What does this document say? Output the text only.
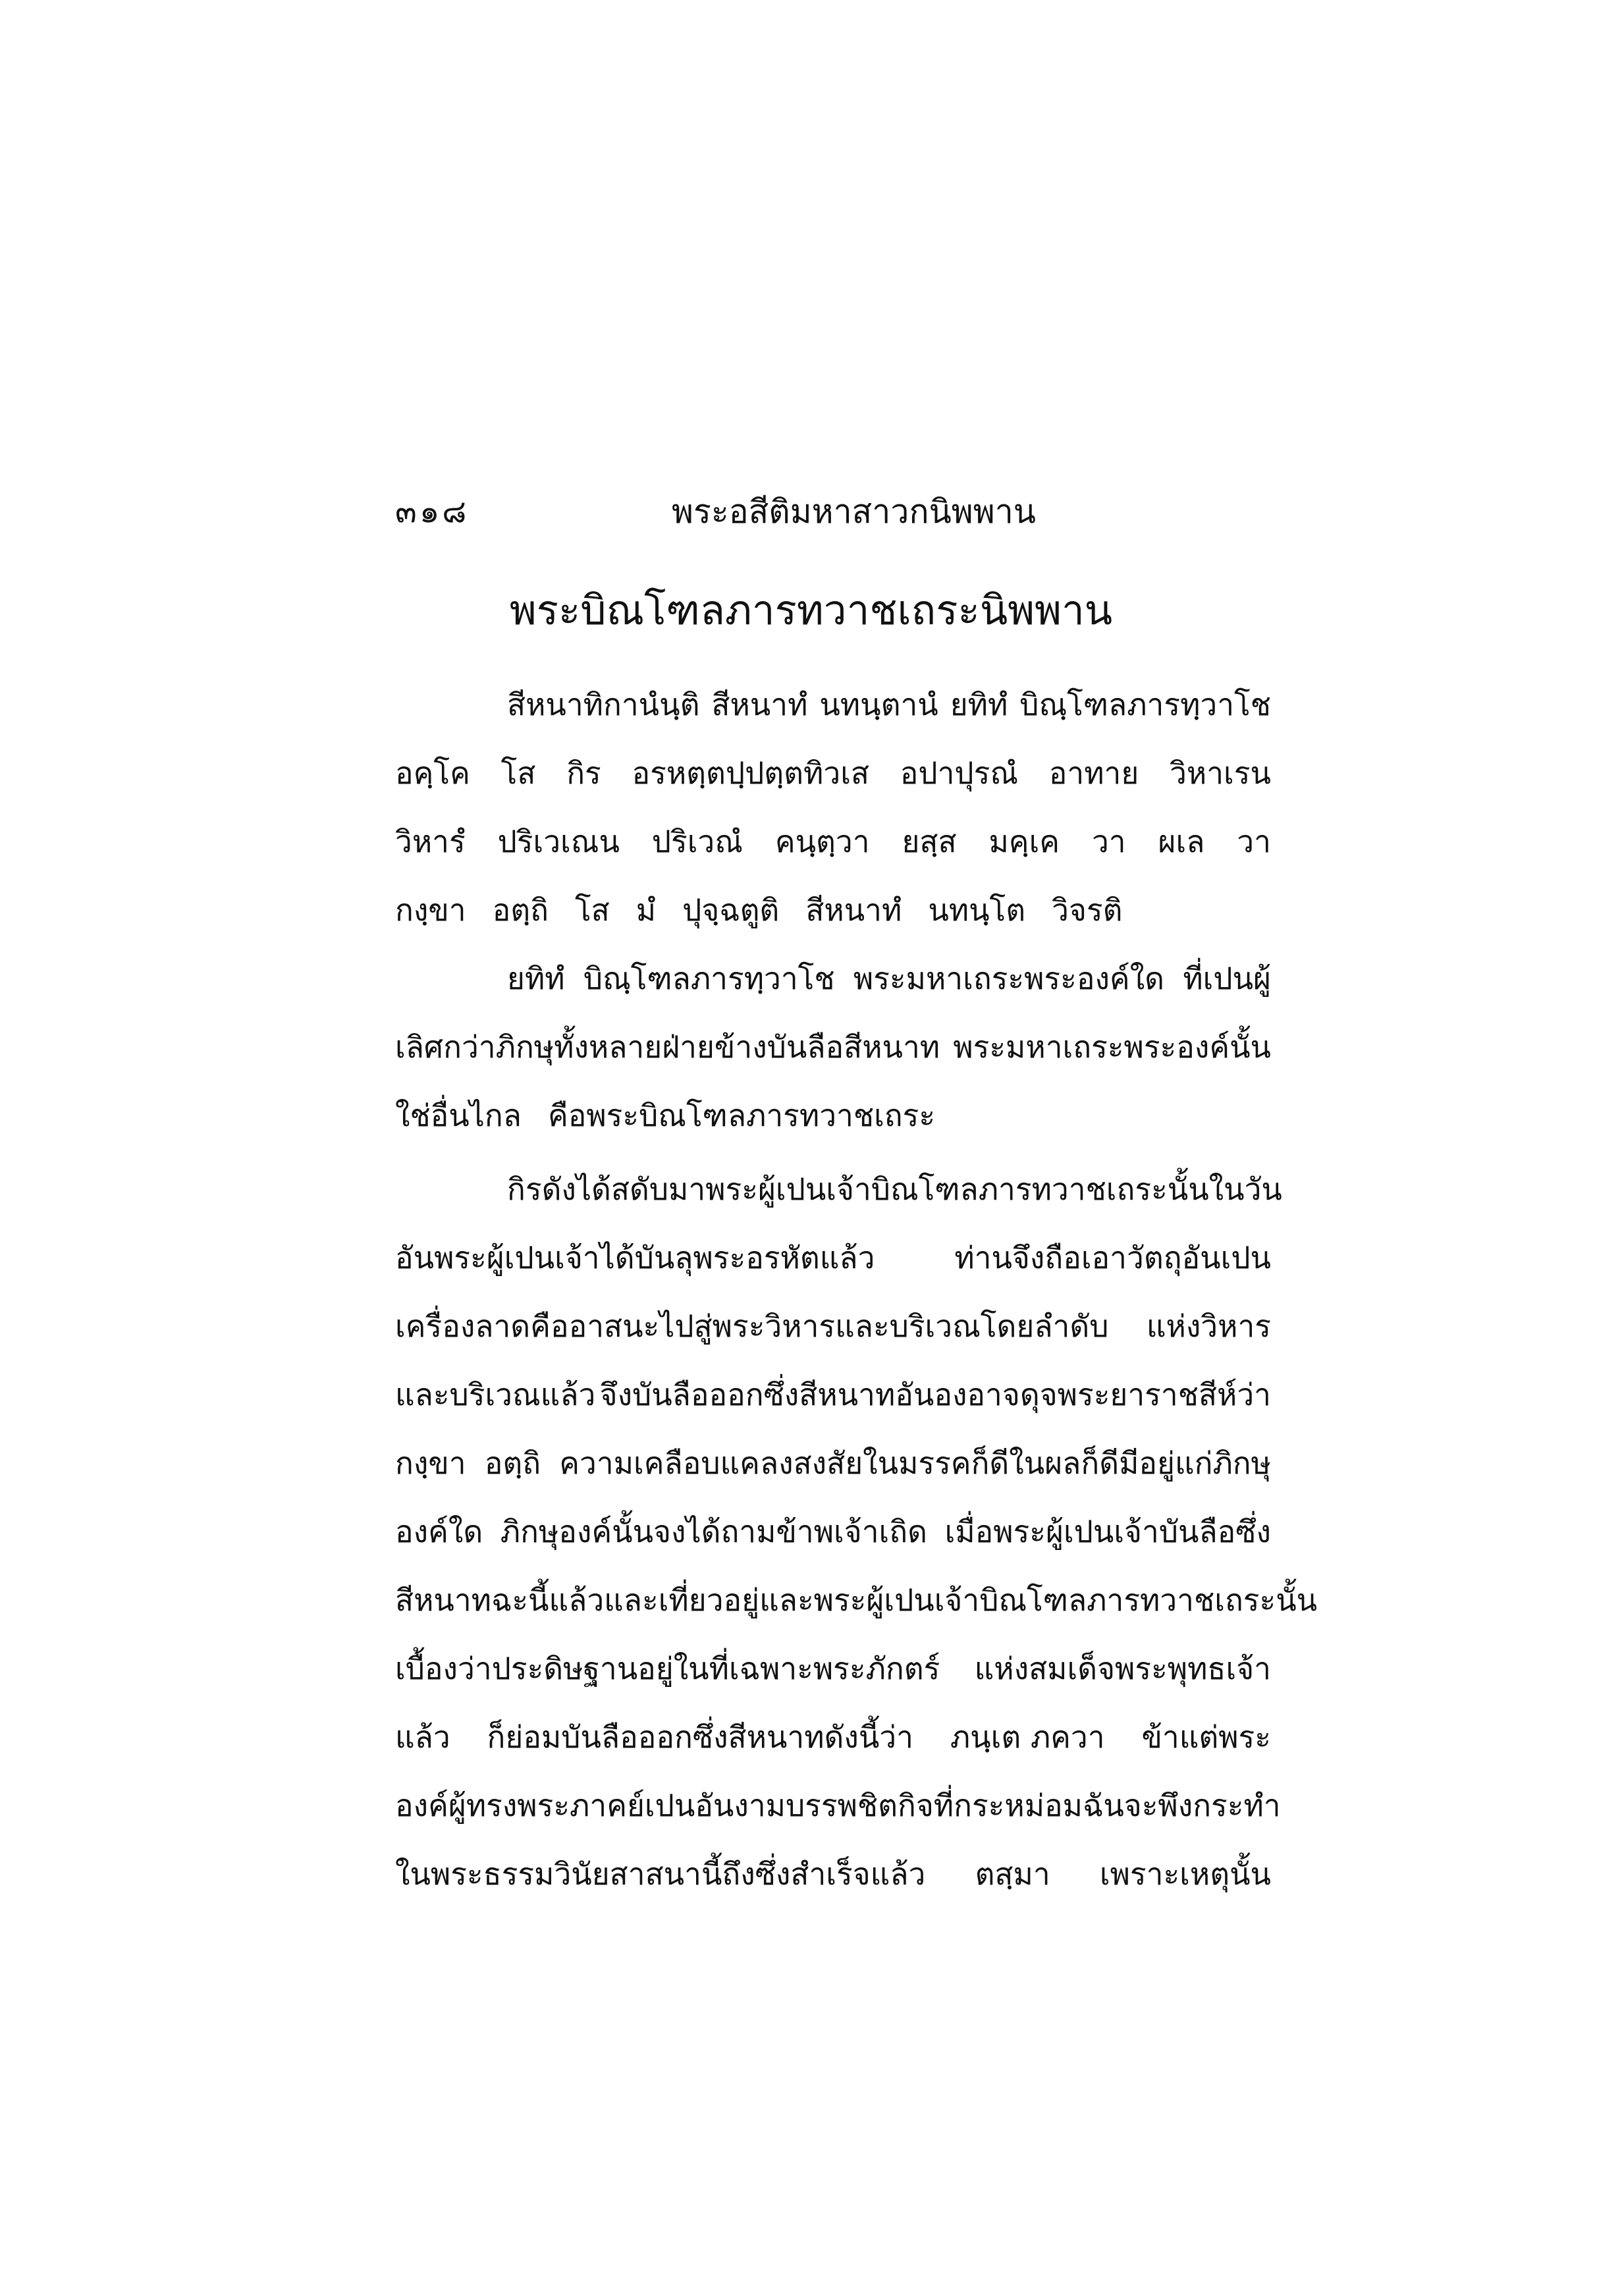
๓๑๘	พระอสีติมหาสาวกนิพพาน
พระบิณโฑลภารทวาชเถระนิพพาน
สีหนาทิกานํนฺติ สีหนาทํ นทนฺตานํ ยทิทํ บิณฺโฑลภารทฺวาโช
อคฺโค โส กิร อรหตฺตปฺปตฺตทิวเส อปาปุรณํ อาทาย วิหาเรน
วิหารํ ปริเวเณน ปริเวณํ คนฺตฺวา ยสฺส มคฺเค วา ผเล วา
กงฺขา อตฺถิ โส มํ ปุจฺฉตูติ สีหนาทํ นทนฺโต วิจรติ
ยทิทํ บิณฺโฑลภารทฺวาโช พระมหาเถระพระองค์ใด ที่เปนผู้
เลิศกว่าภิกษุทั้งหลายฝ่ายข้างบันลือสีหนาท พระมหาเถระพระองค์นั้น
ใช่อื่นไกล คือพระบิณโฑลภารทวาชเถระ
กิร ดังได้สดับมาพระผู้เปนเจ้าบิณโฑลภารทวาชเถระนั้น ในวัน
อันพระผู้เปนเจ้าได้บันลุพระอรหัตแล้ว	ท่านจึงถือเอาวัตถุอันเปน
เครื่องลาดคืออาสนะไปสู่พระวิหารและบริเวณโดยลำดับ แห่งวิหาร
และบริเวณแล้ว จึงบันลือออกซึ่งสีหนาทอันองอาจดุจพระยาราชสีห์ว่า
กงฺขา อตฺถิ ความเคลือบแคลงสงสัยในมรรคก็ดีในผลก็ดีมีอยู่แก่ภิกษุ
องค์ใด ภิกษุองค์นั้นจงได้ถามข้าพเจ้าเถิด เมื่อพระผู้เปนเจ้าบันลือซึ่ง
สีหนาทฉะนี้แล้วและเที่ยวอยู่ และพระผู้เปนเจ้าบิณโฑลภารทวาชเถระนั้น
เบื้องว่าประดิษฐานอยู่ในที่เฉพาะพระภักตร์ แห่งสมเด็จพระพุทธเจ้า
แล้ว ก็ย่อมบันลือออกซึ่งสีหนาทดังนี้ว่า ภนฺเต ภควา ข้าแต่พระ
องค์ผู้ทรงพระภาคย์เปนอันงาม บรรพชิตกิจที่กระหม่อมฉันจะพึงกระทำ
ในพระธรรมวินัยสาสนานี้ถึงซึ่งสำเร็จแล้ว ตสฺมา เพราะเหตุนั้น
